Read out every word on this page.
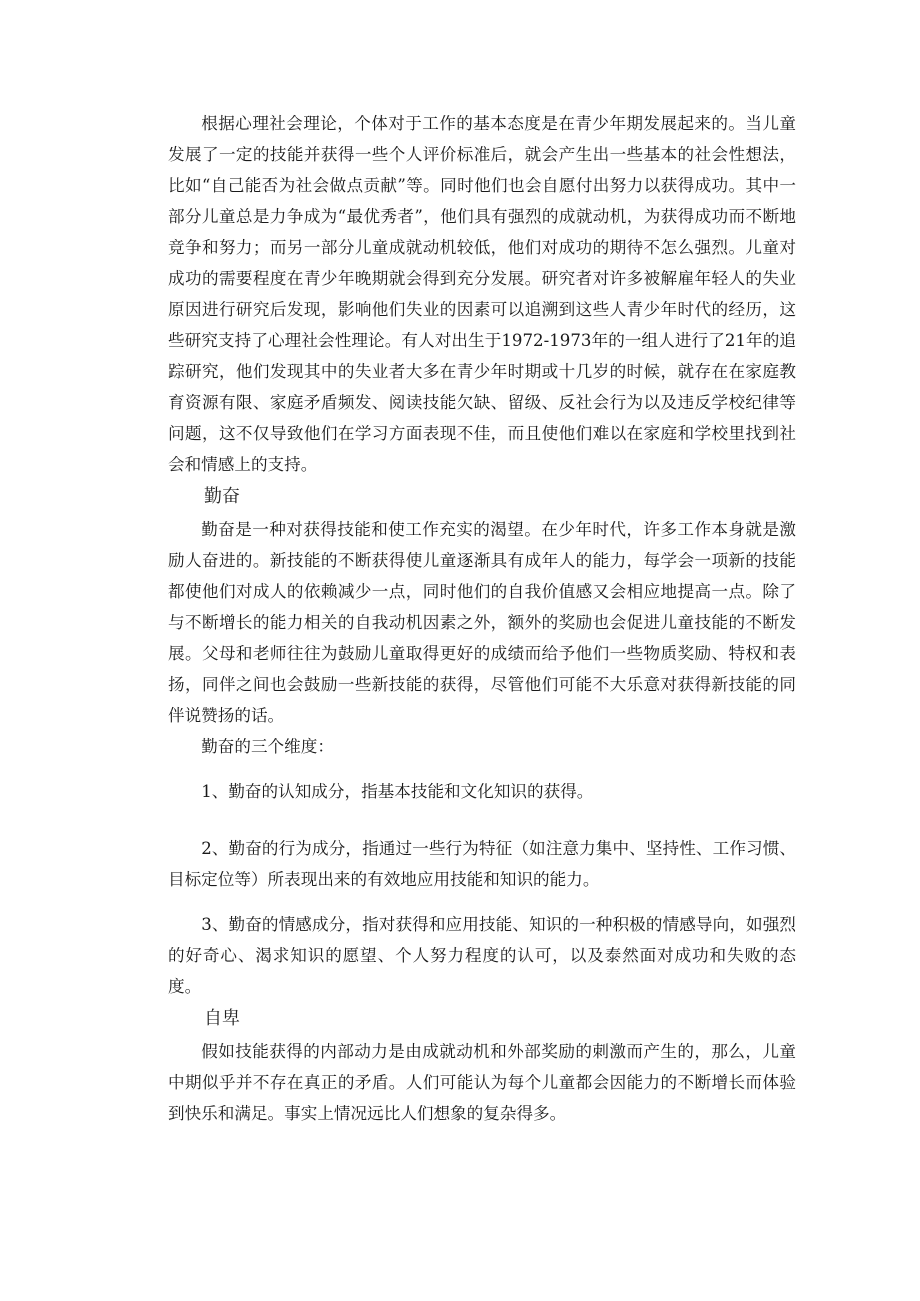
根据心理社会理论，个体对于工作的基本态度是在青少年期发展起来的。当儿童发展了一定的技能并获得一些个人评价标准后，就会产生出一些基本的社会性想法，比如“自己能否为社会做点贡献”等。同时他们也会自愿付出努力以获得成功。其中一部分儿童总是力争成为“最优秀者”，他们具有强烈的成就动机，为获得成功而不断地竞争和努力；而另一部分儿童成就动机较低，他们对成功的期待不怎么强烈。儿童对成功的需要程度在青少年晚期就会得到充分发展。研究者对许多被解雇年轻人的失业原因进行研究后发现，影响他们失业的因素可以追溯到这些人青少年时代的经历，这些研究支持了心理社会性理论。有人对出生于1972-1973年的一组人进行了21年的追踪研究，他们发现其中的失业者大多在青少年时期或十几岁的时候，就存在在家庭教育资源有限、家庭矛盾频发、阅读技能欠缺、留级、反社会行为以及违反学校纪律等问题，这不仅导致他们在学习方面表现不佳，而且使他们难以在家庭和学校里找到社会和情感上的支持。

勤奋

勤奋是一种对获得技能和使工作充实的渴望。在少年时代，许多工作本身就是激励人奋进的。新技能的不断获得使儿童逐渐具有成年人的能力，每学会一项新的技能都使他们对成人的依赖减少一点，同时他们的自我价值感又会相应地提高一点。除了与不断增长的能力相关的自我动机因素之外，额外的奖励也会促进儿童技能的不断发展。父母和老师往往为鼓励儿童取得更好的成绩而给予他们一些物质奖励、特权和表扬，同伴之间也会鼓励一些新技能的获得，尽管他们可能不大乐意对获得新技能的同伴说赞扬的话。

勤奋的三个维度：

1、勤奋的认知成分，指基本技能和文化知识的获得。

2、勤奋的行为成分，指通过一些行为特征（如注意力集中、坚持性、工作习惯、目标定位等）所表现出来的有效地应用技能和知识的能力。

3、勤奋的情感成分，指对获得和应用技能、知识的一种积极的情感导向，如强烈的好奇心、渴求知识的愿望、个人努力程度的认可，以及泰然面对成功和失败的态度。

自卑

假如技能获得的内部动力是由成就动机和外部奖励的刺激而产生的，那么，儿童中期似乎并不存在真正的矛盾。人们可能认为每个儿童都会因能力的不断增长而体验到快乐和满足。事实上情况远比人们想象的复杂得多。
